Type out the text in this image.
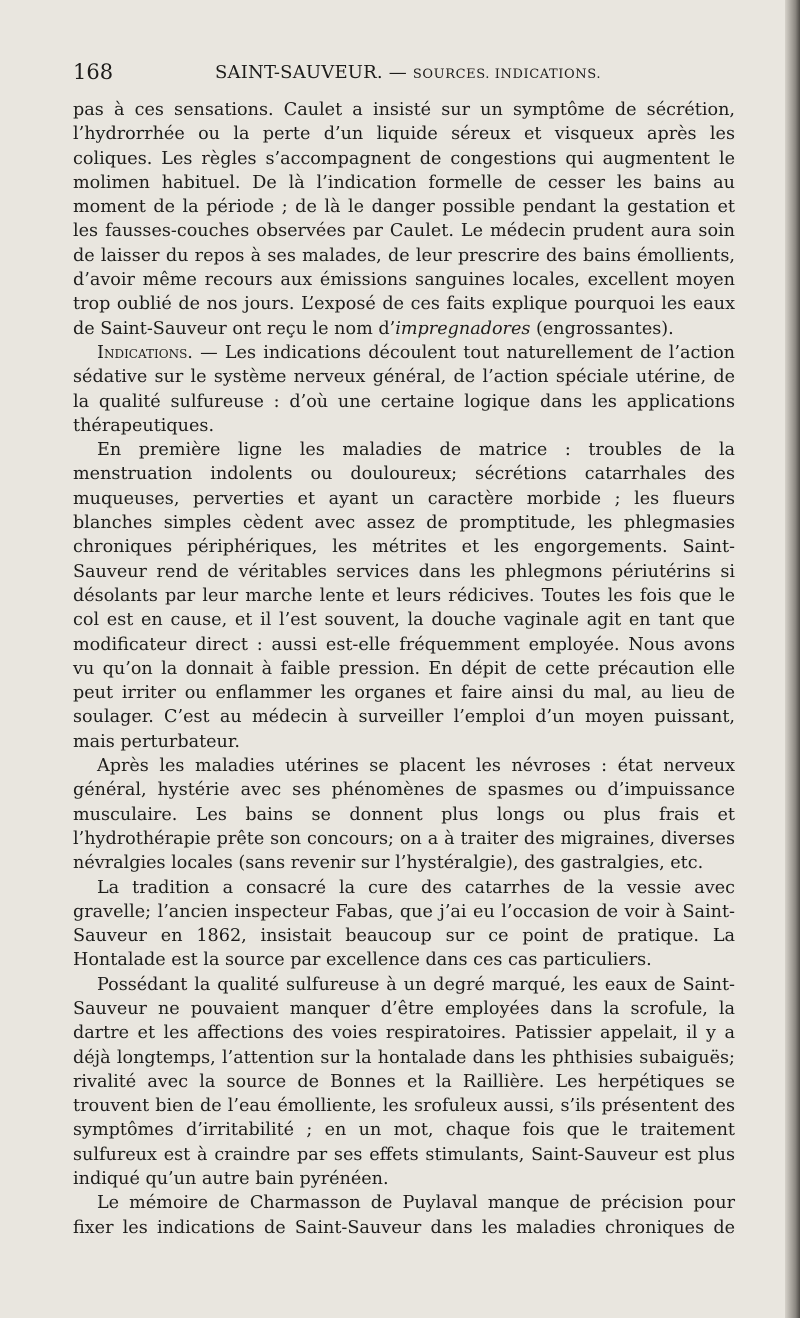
168	SAINT-SAUVEUR. — SOURCES. INDICATIONS.

pas à ces sensations. Caulet a insisté sur un symptôme de sécrétion, l’hydrorrhée ou la perte d’un liquide séreux et visqueux après les coliques. Les règles s’accompagnent de congestions qui augmentent le molimen habituel. De là l’indication formelle de cesser les bains au moment de la période ; de là le danger possible pendant la gestation et les fausses-couches observées par Caulet. Le médecin prudent aura soin de laisser du repos à ses malades, de leur prescrire des bains émollients, d’avoir même recours aux émissions sanguines locales, excellent moyen trop oublié de nos jours. L’exposé de ces faits explique pourquoi les eaux de Saint-Sauveur ont reçu le nom d’impregnadores (engrossantes).

Indications. — Les indications découlent tout naturellement de l’action sédative sur le système nerveux général, de l’action spéciale utérine, de la qualité sulfureuse : d’où une certaine logique dans les applications thérapeutiques.

En première ligne les maladies de matrice : troubles de la menstruation indolents ou douloureux; sécrétions catarrhales des muqueuses, perverties et ayant un caractère morbide ; les flueurs blanches simples cèdent avec assez de promptitude, les phlegmasies chroniques périphériques, les métrites et les engorgements. Saint-Sauveur rend de véritables services dans les phlegmons périutérins si désolants par leur marche lente et leurs rédicives. Toutes les fois que le col est en cause, et il l’est souvent, la douche vaginale agit en tant que modificateur direct : aussi est-elle fréquemment employée. Nous avons vu qu’on la donnait à faible pression. En dépit de cette précaution elle peut irriter ou enflammer les organes et faire ainsi du mal, au lieu de soulager. C’est au médecin à surveiller l’emploi d’un moyen puissant, mais perturbateur.

Après les maladies utérines se placent les névroses : état nerveux général, hystérie avec ses phénomènes de spasmes ou d’impuissance musculaire. Les bains se donnent plus longs ou plus frais et l’hydrothérapie prête son concours; on a à traiter des migraines, diverses névralgies locales (sans revenir sur l’hystéralgie), des gastralgies, etc.

La tradition a consacré la cure des catarrhes de la vessie avec gravelle; l’ancien inspecteur Fabas, que j’ai eu l’occasion de voir à Saint-Sauveur en 1862, insistait beaucoup sur ce point de pratique. La Hontalade est la source par excellence dans ces cas particuliers.

Possédant la qualité sulfureuse à un degré marqué, les eaux de Saint-Sauveur ne pouvaient manquer d’être employées dans la scrofule, la dartre et les affections des voies respiratoires. Patissier appelait, il y a déjà longtemps, l’attention sur la hontalade dans les phthisies subaiguës; rivalité avec la source de Bonnes et la Raillière. Les herpétiques se trouvent bien de l’eau émolliente, les srofuleux aussi, s’ils présentent des symptômes d’irritabilité ; en un mot, chaque fois que le traitement sulfureux est à craindre par ses effets stimulants, Saint-Sauveur est plus indiqué qu’un autre bain pyrénéen.

Le mémoire de Charmasson de Puylaval manque de précision pour fixer les indications de Saint-Sauveur dans les maladies chroniques de
